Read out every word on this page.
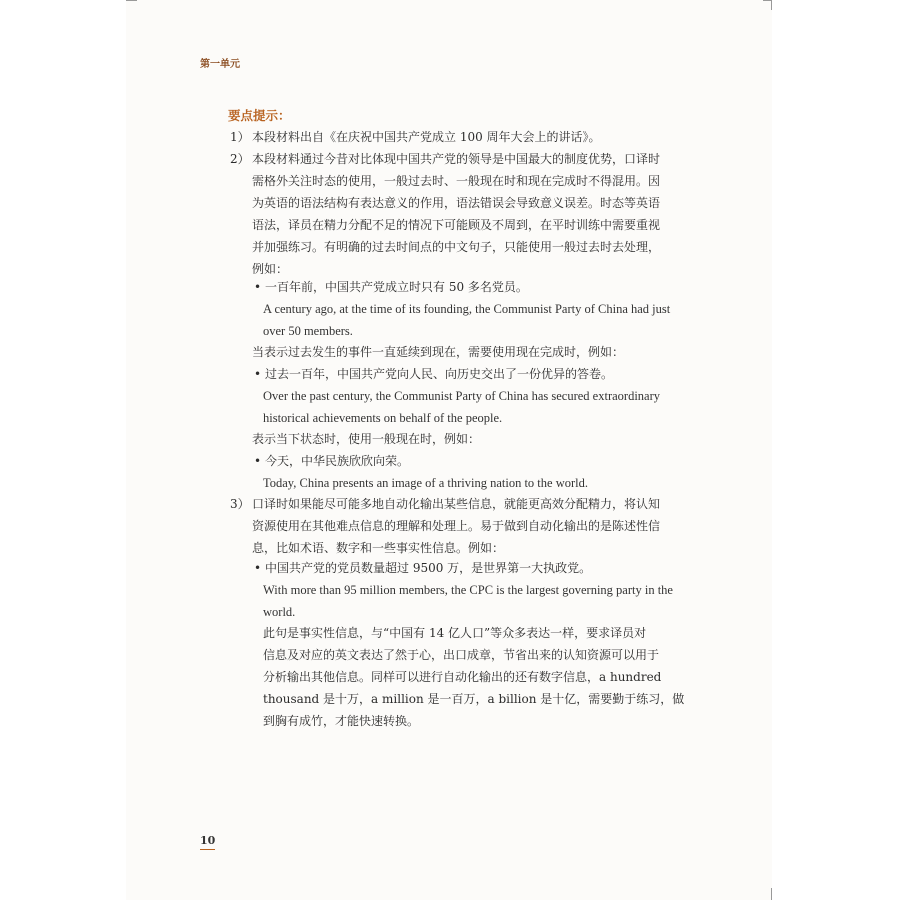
第一单元
要点提示：
1） 本段材料出自《在庆祝中国共产党成立 100 周年大会上的讲话》。
2） 本段材料通过今昔对比体现中国共产党的领导是中国最大的制度优势，口译时
需格外关注时态的使用，一般过去时、一般现在时和现在完成时不得混用。因
为英语的语法结构有表达意义的作用，语法错误会导致意义误差。时态等英语
语法，译员在精力分配不足的情况下可能顾及不周到，在平时训练中需要重视
并加强练习。有明确的过去时间点的中文句子，只能使用一般过去时去处理，
例如：
• 一百年前，中国共产党成立时只有 50 多名党员。
A century ago, at the time of its founding, the Communist Party of China had just
over 50 members.
当表示过去发生的事件一直延续到现在，需要使用现在完成时，例如：
• 过去一百年，中国共产党向人民、向历史交出了一份优异的答卷。
Over the past century, the Communist Party of China has secured extraordinary
historical achievements on behalf of the people.
表示当下状态时，使用一般现在时，例如：
• 今天，中华民族欣欣向荣。
Today, China presents an image of a thriving nation to the world.
3） 口译时如果能尽可能多地自动化输出某些信息，就能更高效分配精力，将认知
资源使用在其他难点信息的理解和处理上。易于做到自动化输出的是陈述性信
息，比如术语、数字和一些事实性信息。例如：
• 中国共产党的党员数量超过 9500 万，是世界第一大执政党。
With more than 95 million members, the CPC is the largest governing party in the
world.
此句是事实性信息，与“中国有 14 亿人口”等众多表达一样，要求译员对
信息及对应的英文表达了然于心，出口成章，节省出来的认知资源可以用于
分析输出其他信息。同样可以进行自动化输出的还有数字信息，a hundred
thousand 是十万，a million 是一百万，a billion 是十亿，需要勤于练习，做
到胸有成竹，才能快速转换。
10
